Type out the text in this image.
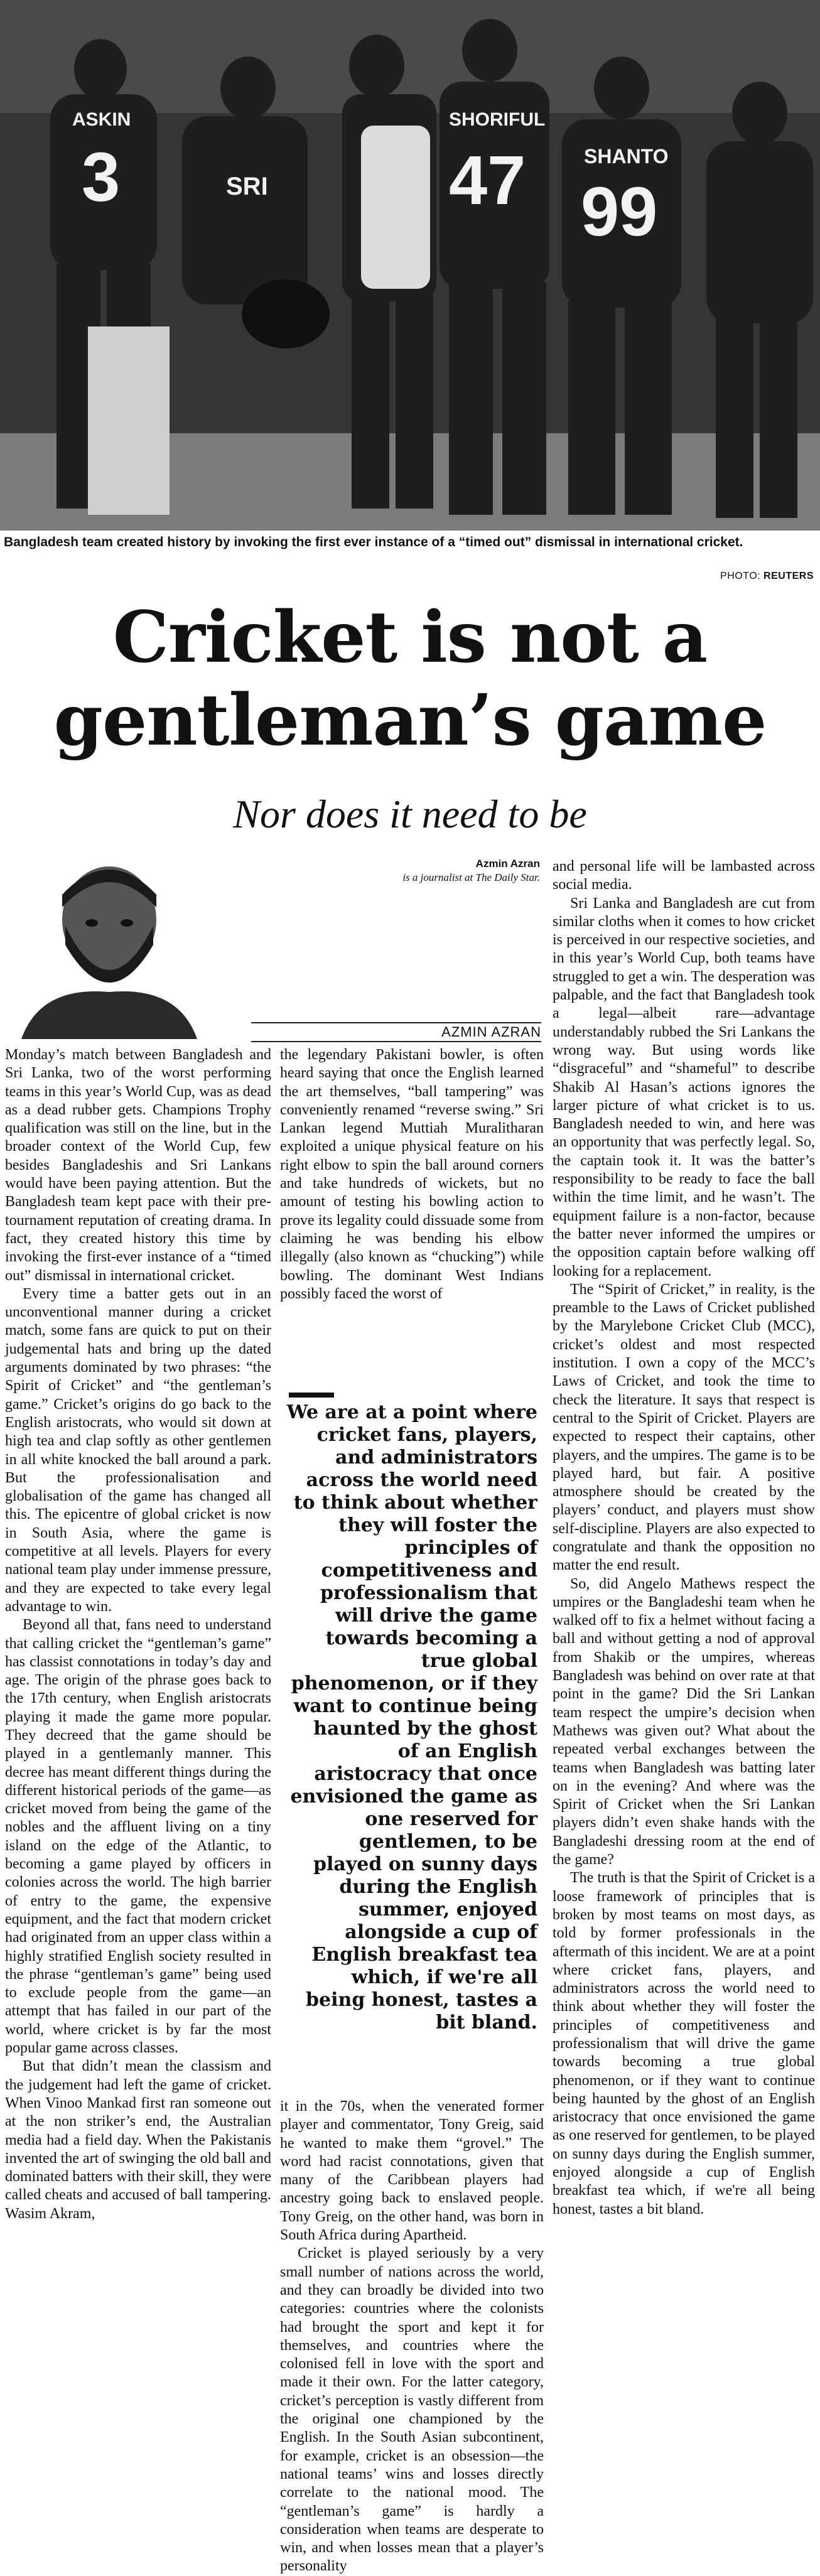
ASKIN
3	SRI
SHORIFUL
47	SHANTO
99
Bangladesh team created history by invoking the first ever instance of a “timed out” dismissal in international cricket.
PHOTO: REUTERS
Cricket is not a
gentleman’s game
Nor does it need to be
Azmin Azran
is a journalist at The Daily Star.
AZMIN AZRAN

Monday’s match between Bangladesh and Sri Lanka, two of the worst performing teams in this year’s World Cup, was as dead as a dead rubber gets. Champions Trophy qualification was still on the line, but in the broader context of the World Cup, few besides Bangladeshis and Sri Lankans would have been paying attention. But the Bangladesh team kept pace with their pre-tournament reputation of creating drama. In fact, they created history this time by invoking the first-ever instance of a “timed out” dismissal in international cricket.

Every time a batter gets out in an unconventional manner during a cricket match, some fans are quick to put on their judgemental hats and bring up the dated arguments dominated by two phrases: “the Spirit of Cricket” and “the gentleman’s game.” Cricket’s origins do go back to the English aristocrats, who would sit down at high tea and clap softly as other gentlemen in all white knocked the ball around a park. But the professionalisation and globalisation of the game has changed all this. The epicentre of global cricket is now in South Asia, where the game is competitive at all levels. Players for every national team play under immense pressure, and they are expected to take every legal advantage to win.

Beyond all that, fans need to understand that calling cricket the “gentleman’s game” has classist connotations in today’s day and age. The origin of the phrase goes back to the 17th century, when English aristocrats playing it made the game more popular. They decreed that the game should be played in a gentlemanly manner. This decree has meant different things during the different historical periods of the game—as cricket moved from being the game of the nobles and the affluent living on a tiny island on the edge of the Atlantic, to becoming a game played by officers in colonies across the world. The high barrier of entry to the game, the expensive equipment, and the fact that modern cricket had originated from an upper class within a highly stratified English society resulted in the phrase “gentleman’s game” being used to exclude people from the game—an attempt that has failed in our part of the world, where cricket is by far the most popular game across classes.

But that didn’t mean the classism and the judgement had left the game of cricket. When Vinoo Mankad first ran someone out at the non striker’s end, the Australian media had a field day. When the Pakistanis invented the art of swinging the old ball and dominated batters with their skill, they were called cheats and accused of ball tampering. Wasim Akram,

the legendary Pakistani bowler, is often heard saying that once the English learned the art themselves, “ball tampering” was conveniently renamed “reverse swing.” Sri Lankan legend Muttiah Muralitharan exploited a unique physical feature on his right elbow to spin the ball around corners and take hundreds of wickets, but no amount of testing his bowling action to prove its legality could dissuade some from claiming he was bending his elbow illegally (also known as “chucking”) while bowling. The dominant West Indians possibly faced the worst of

We are at a point where cricket fans, players, and administrators across the world need to think about whether they will foster the principles of competitiveness and professionalism that will drive the game towards becoming a true global phenomenon, or if they want to continue being haunted by the ghost of an English aristocracy that once envisioned the game as one reserved for gentlemen, to be played on sunny days during the English summer, enjoyed alongside a cup of English breakfast tea which, if we're all being honest, tastes a bit bland.

it in the 70s, when the venerated former player and commentator, Tony Greig, said he wanted to make them “grovel.” The word had racist connotations, given that many of the Caribbean players had ancestry going back to enslaved people. Tony Greig, on the other hand, was born in South Africa during Apartheid.

Cricket is played seriously by a very small number of nations across the world, and they can broadly be divided into two categories: countries where the colonists had brought the sport and kept it for themselves, and countries where the colonised fell in love with the sport and made it their own. For the latter category, cricket’s perception is vastly different from the original one championed by the English. In the South Asian subcontinent, for example, cricket is an obsession—the national teams’ wins and losses directly correlate to the national mood. The “gentleman’s game” is hardly a consideration when teams are desperate to win, and when losses mean that a player’s personality

and personal life will be lambasted across social media.

Sri Lanka and Bangladesh are cut from similar cloths when it comes to how cricket is perceived in our respective societies, and in this year’s World Cup, both teams have struggled to get a win. The desperation was palpable, and the fact that Bangladesh took a legal—albeit rare—advantage understandably rubbed the Sri Lankans the wrong way. But using words like “disgraceful” and “shameful” to describe Shakib Al Hasan’s actions ignores the larger picture of what cricket is to us. Bangladesh needed to win, and here was an opportunity that was perfectly legal. So, the captain took it. It was the batter’s responsibility to be ready to face the ball within the time limit, and he wasn’t. The equipment failure is a non-factor, because the batter never informed the umpires or the opposition captain before walking off looking for a replacement.

The “Spirit of Cricket,” in reality, is the preamble to the Laws of Cricket published by the Marylebone Cricket Club (MCC), cricket’s oldest and most respected institution. I own a copy of the MCC’s Laws of Cricket, and took the time to check the literature. It says that respect is central to the Spirit of Cricket. Players are expected to respect their captains, other players, and the umpires. The game is to be played hard, but fair. A positive atmosphere should be created by the players’ conduct, and players must show self-discipline. Players are also expected to congratulate and thank the opposition no matter the end result.

So, did Angelo Mathews respect the umpires or the Bangladeshi team when he walked off to fix a helmet without facing a ball and without getting a nod of approval from Shakib or the umpires, whereas Bangladesh was behind on over rate at that point in the game? Did the Sri Lankan team respect the umpire’s decision when Mathews was given out? What about the repeated verbal exchanges between the teams when Bangladesh was batting later on in the evening? And where was the Spirit of Cricket when the Sri Lankan players didn’t even shake hands with the Bangladeshi dressing room at the end of the game?

The truth is that the Spirit of Cricket is a loose framework of principles that is broken by most teams on most days, as told by former professionals in the aftermath of this incident. We are at a point where cricket fans, players, and administrators across the world need to think about whether they will foster the principles of competitiveness and professionalism that will drive the game towards becoming a true global phenomenon, or if they want to continue being haunted by the ghost of an English aristocracy that once envisioned the game as one reserved for gentlemen, to be played on sunny days during the English summer, enjoyed alongside a cup of English breakfast tea which, if we're all being honest, tastes a bit bland.
